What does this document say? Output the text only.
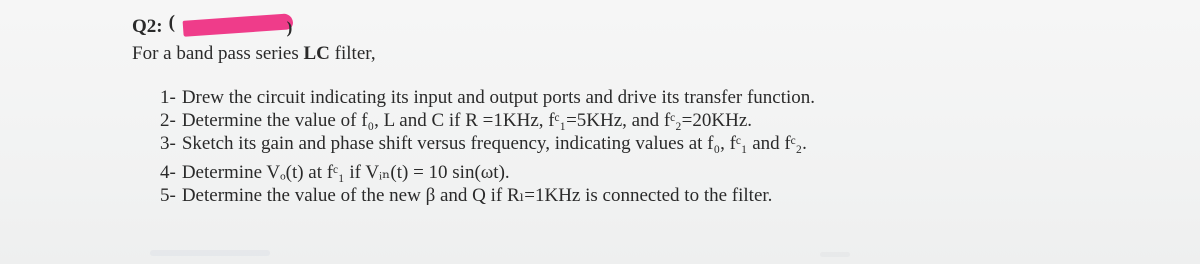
Q2: (	)
For a band pass series LC filter,
1- Drew the circuit indicating its input and output ports and drive its transfer function.
2- Determine the value of f₀, L and C if R =1KHz, fᶜ₁=5KHz, and fᶜ₂=20KHz.
3- Sketch its gain and phase shift versus frequency, indicating values at f₀, fᶜ₁ and fᶜ₂.
4- Determine Vₒ(t) at fᶜ₁ if Vᵢₙ(t) = 10 sin(ωt).
5- Determine the value of the new β and Q if Rₗ=1KHz is connected to the filter.
